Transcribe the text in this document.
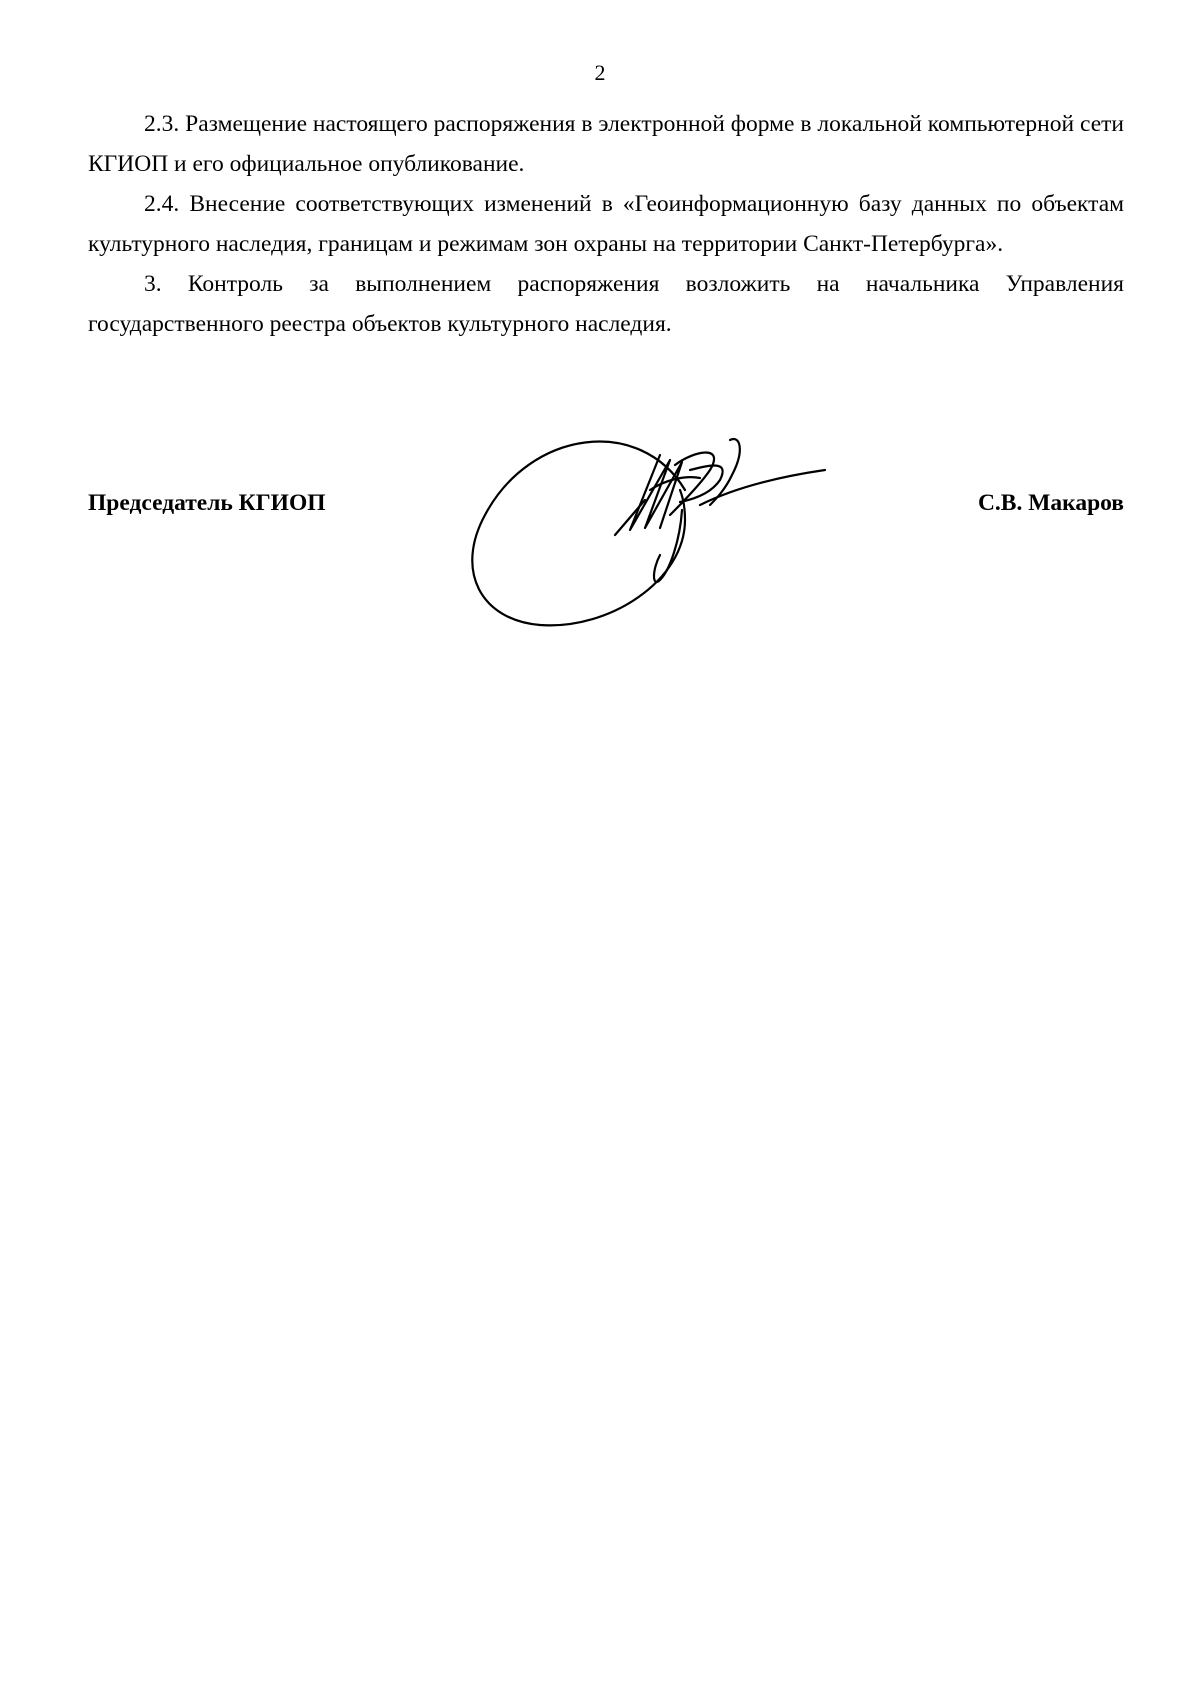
2

2.3. Размещение настоящего распоряжения в электронной форме в локальной компьютерной сети КГИОП и его официальное опубликование.

2.4. Внесение соответствующих изменений в «Геоинформационную базу данных по объектам культурного наследия, границам и режимам зон охраны на территории Санкт-Петербурга».

3. Контроль за выполнением распоряжения возложить на начальника Управления государственного реестра объектов культурного наследия.

Председатель КГИОП	С.В. Макаров
